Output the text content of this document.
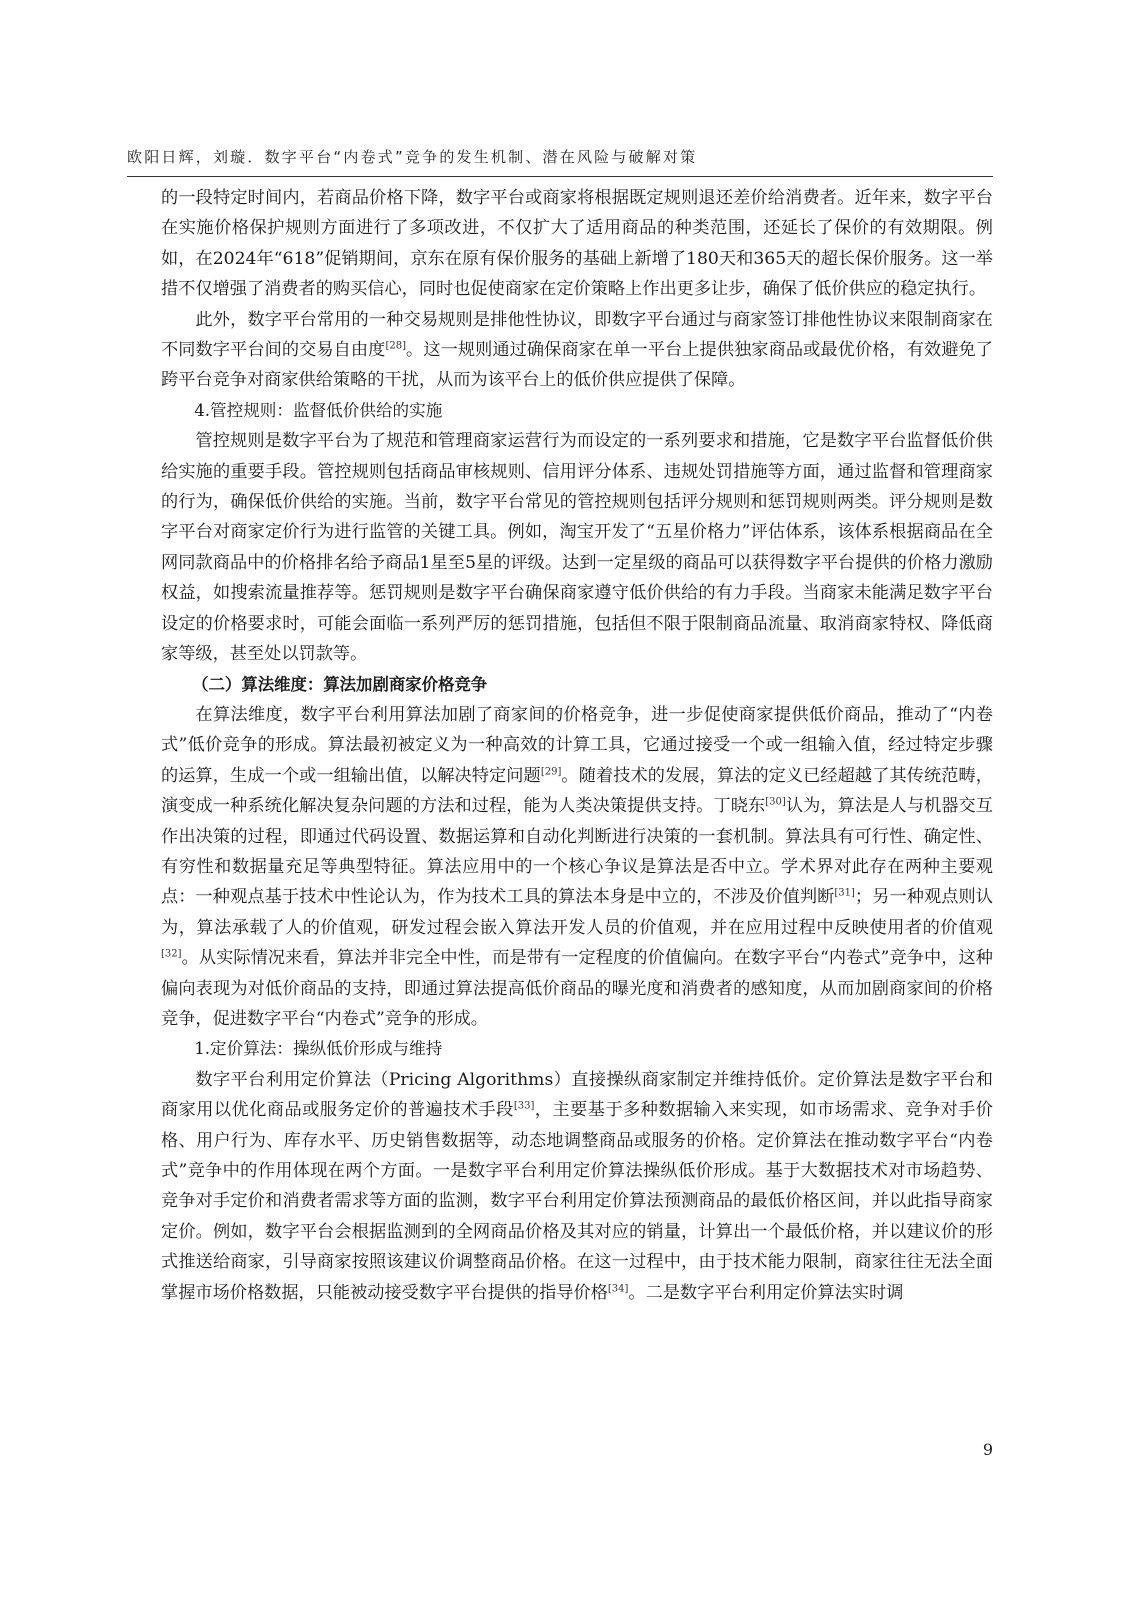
欧阳日辉，刘璇．数字平台“内卷式”竞争的发生机制、潜在风险与破解对策

的一段特定时间内，若商品价格下降，数字平台或商家将根据既定规则退还差价给消费者。近年来，数字平台在实施价格保护规则方面进行了多项改进，不仅扩大了适用商品的种类范围，还延长了保价的有效期限。例如，在2024年“618”促销期间，京东在原有保价服务的基础上新增了180天和365天的超长保价服务。这一举措不仅增强了消费者的购买信心，同时也促使商家在定价策略上作出更多让步，确保了低价供应的稳定执行。

此外，数字平台常用的一种交易规则是排他性协议，即数字平台通过与商家签订排他性协议来限制商家在不同数字平台间的交易自由度[28]。这一规则通过确保商家在单一平台上提供独家商品或最优价格，有效避免了跨平台竞争对商家供给策略的干扰，从而为该平台上的低价供应提供了保障。

4.管控规则：监督低价供给的实施

管控规则是数字平台为了规范和管理商家运营行为而设定的一系列要求和措施，它是数字平台监督低价供给实施的重要手段。管控规则包括商品审核规则、信用评分体系、违规处罚措施等方面，通过监督和管理商家的行为，确保低价供给的实施。当前，数字平台常见的管控规则包括评分规则和惩罚规则两类。评分规则是数字平台对商家定价行为进行监管的关键工具。例如，淘宝开发了“五星价格力”评估体系，该体系根据商品在全网同款商品中的价格排名给予商品1星至5星的评级。达到一定星级的商品可以获得数字平台提供的价格力激励权益，如搜索流量推荐等。惩罚规则是数字平台确保商家遵守低价供给的有力手段。当商家未能满足数字平台设定的价格要求时，可能会面临一系列严厉的惩罚措施，包括但不限于限制商品流量、取消商家特权、降低商家等级，甚至处以罚款等。

（二）算法维度：算法加剧商家价格竞争

在算法维度，数字平台利用算法加剧了商家间的价格竞争，进一步促使商家提供低价商品，推动了“内卷式”低价竞争的形成。算法最初被定义为一种高效的计算工具，它通过接受一个或一组输入值，经过特定步骤的运算，生成一个或一组输出值，以解决特定问题[29]。随着技术的发展，算法的定义已经超越了其传统范畴，演变成一种系统化解决复杂问题的方法和过程，能为人类决策提供支持。丁晓东[30]认为，算法是人与机器交互作出决策的过程，即通过代码设置、数据运算和自动化判断进行决策的一套机制。算法具有可行性、确定性、有穷性和数据量充足等典型特征。算法应用中的一个核心争议是算法是否中立。学术界对此存在两种主要观点：一种观点基于技术中性论认为，作为技术工具的算法本身是中立的，不涉及价值判断[31]；另一种观点则认为，算法承载了人的价值观，研发过程会嵌入算法开发人员的价值观，并在应用过程中反映使用者的价值观[32]。从实际情况来看，算法并非完全中性，而是带有一定程度的价值偏向。在数字平台“内卷式”竞争中，这种偏向表现为对低价商品的支持，即通过算法提高低价商品的曝光度和消费者的感知度，从而加剧商家间的价格竞争，促进数字平台“内卷式”竞争的形成。

1.定价算法：操纵低价形成与维持

数字平台利用定价算法（Pricing Algorithms）直接操纵商家制定并维持低价。定价算法是数字平台和商家用以优化商品或服务定价的普遍技术手段[33]，主要基于多种数据输入来实现，如市场需求、竞争对手价格、用户行为、库存水平、历史销售数据等，动态地调整商品或服务的价格。定价算法在推动数字平台“内卷式”竞争中的作用体现在两个方面。一是数字平台利用定价算法操纵低价形成。基于大数据技术对市场趋势、竞争对手定价和消费者需求等方面的监测，数字平台利用定价算法预测商品的最低价格区间，并以此指导商家定价。例如，数字平台会根据监测到的全网商品价格及其对应的销量，计算出一个最低价格，并以建议价的形式推送给商家，引导商家按照该建议价调整商品价格。在这一过程中，由于技术能力限制，商家往往无法全面掌握市场价格数据，只能被动接受数字平台提供的指导价格[34]。二是数字平台利用定价算法实时调

9
